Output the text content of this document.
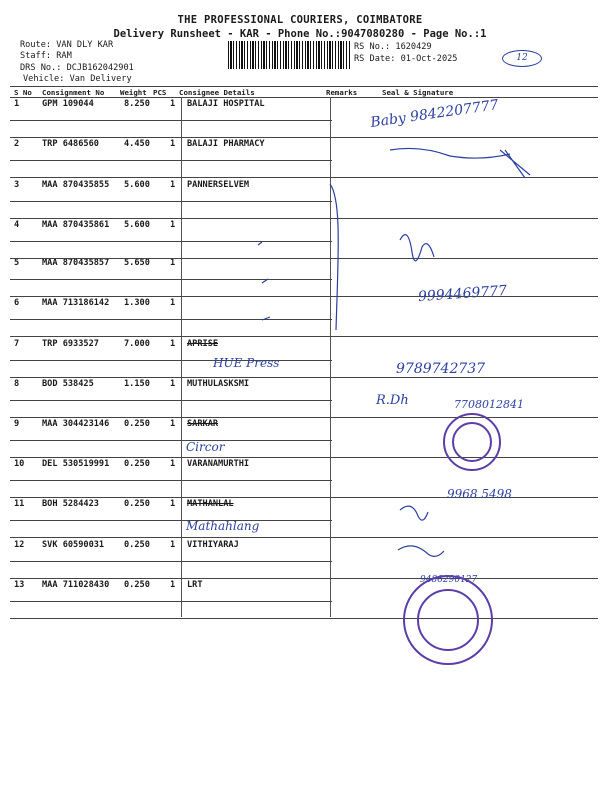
THE PROFESSIONAL COURIERS, COIMBATORE
Delivery Runsheet - KAR - Phone No.:9047080280 - Page No.:1
Route: VAN DLY KAR
Staff: RAM
DRS No.: DCJB162042901
Vehicle: Van Delivery
RS No.: 1620429
RS Date: 01-Oct-2025	12
S No Consignment No Weight PCS Consignee Details	Remarks	Seal & Signature
1	GPM 109044	8.250 1 BALAJI HOSPITAL
2	TRP 6486560	4.450 1 BALAJI PHARMACY
3	MAA 870435855 5.600 1 PANNERSELVEM
4	MAA 870435861 5.600 1
5	MAA 870435857 5.650 1
6	MAA 713186142 1.300 1
7	TRP 6933527	7.000 1 APRISE
8	BOD 538425	1.150 1 MUTHULASKSMI
9	MAA 304423146 0.250 1 SARKAR
10 DEL 530519991 0.250 1 VARANAMURTHI
11 BOH 5284423	0.250 1 MATHANLAL
12 SVK 60590031 0.250 1 VITHIYARAJ
13 MAA 711028430 0.250 1 LRT
Baby 9842207777
9994469777
HUE Press	9789742737
R.Dh	7708012841
Circor
9968 5498
Mathahlang
9486290127
